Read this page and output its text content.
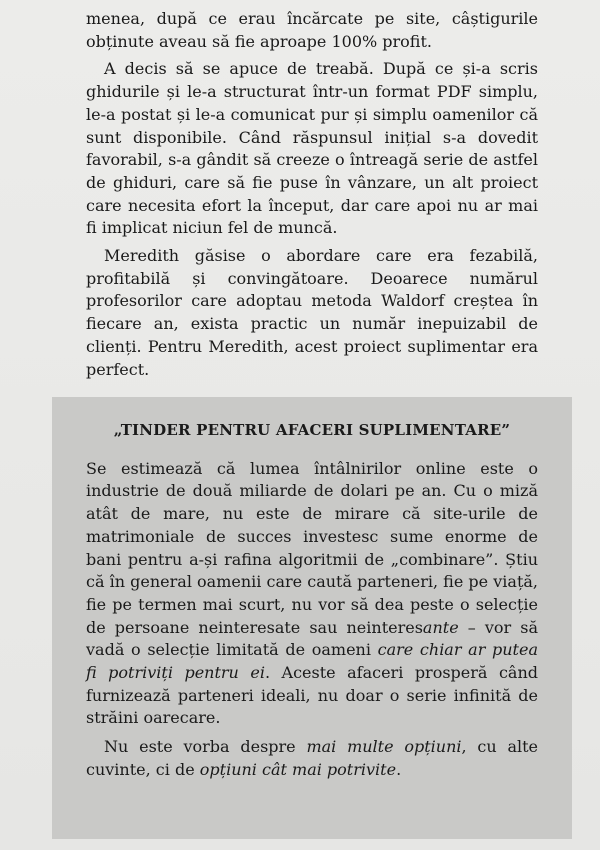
menea, după ce erau încărcate pe site, câștigurile obținute aveau să fie aproape 100% profit.

A decis să se apuce de treabă. După ce și-a scris ghidurile și le-a structurat într-un format PDF simplu, le-a postat și le-a comunicat pur și simplu oamenilor că sunt disponibile. Când răspunsul inițial s-a dovedit favorabil, s-a gândit să creeze o întreagă serie de astfel de ghiduri, care să fie puse în vânzare, un alt proiect care necesita efort la început, dar care apoi nu ar mai fi implicat niciun fel de muncă.

Meredith găsise o abordare care era fezabilă, profitabilă și convingătoare. Deoarece numărul profesorilor care adoptau metoda Waldorf creștea în fiecare an, exista practic un număr inepuizabil de clienți. Pentru Meredith, acest proiect suplimentar era perfect.

„TINDER PENTRU AFACERI SUPLIMENTARE”

Se estimează că lumea întâlnirilor online este o industrie de două miliarde de dolari pe an. Cu o miză atât de mare, nu este de mirare că site-urile de matrimoniale de succes investesc sume enorme de bani pentru a-și rafina algoritmii de „combinare”. Știu că în general oamenii care caută parteneri, fie pe viață, fie pe termen mai scurt, nu vor să dea peste o selecție de persoane neinteresate sau neinteresante – vor să vadă o selecție limitată de oameni care chiar ar putea fi potriviți pentru ei. Aceste afaceri prosperă când furnizează parteneri ideali, nu doar o serie infinită de străini oarecare.

Nu este vorba despre mai multe opțiuni, cu alte cuvinte, ci de opțiuni cât mai potrivite.
